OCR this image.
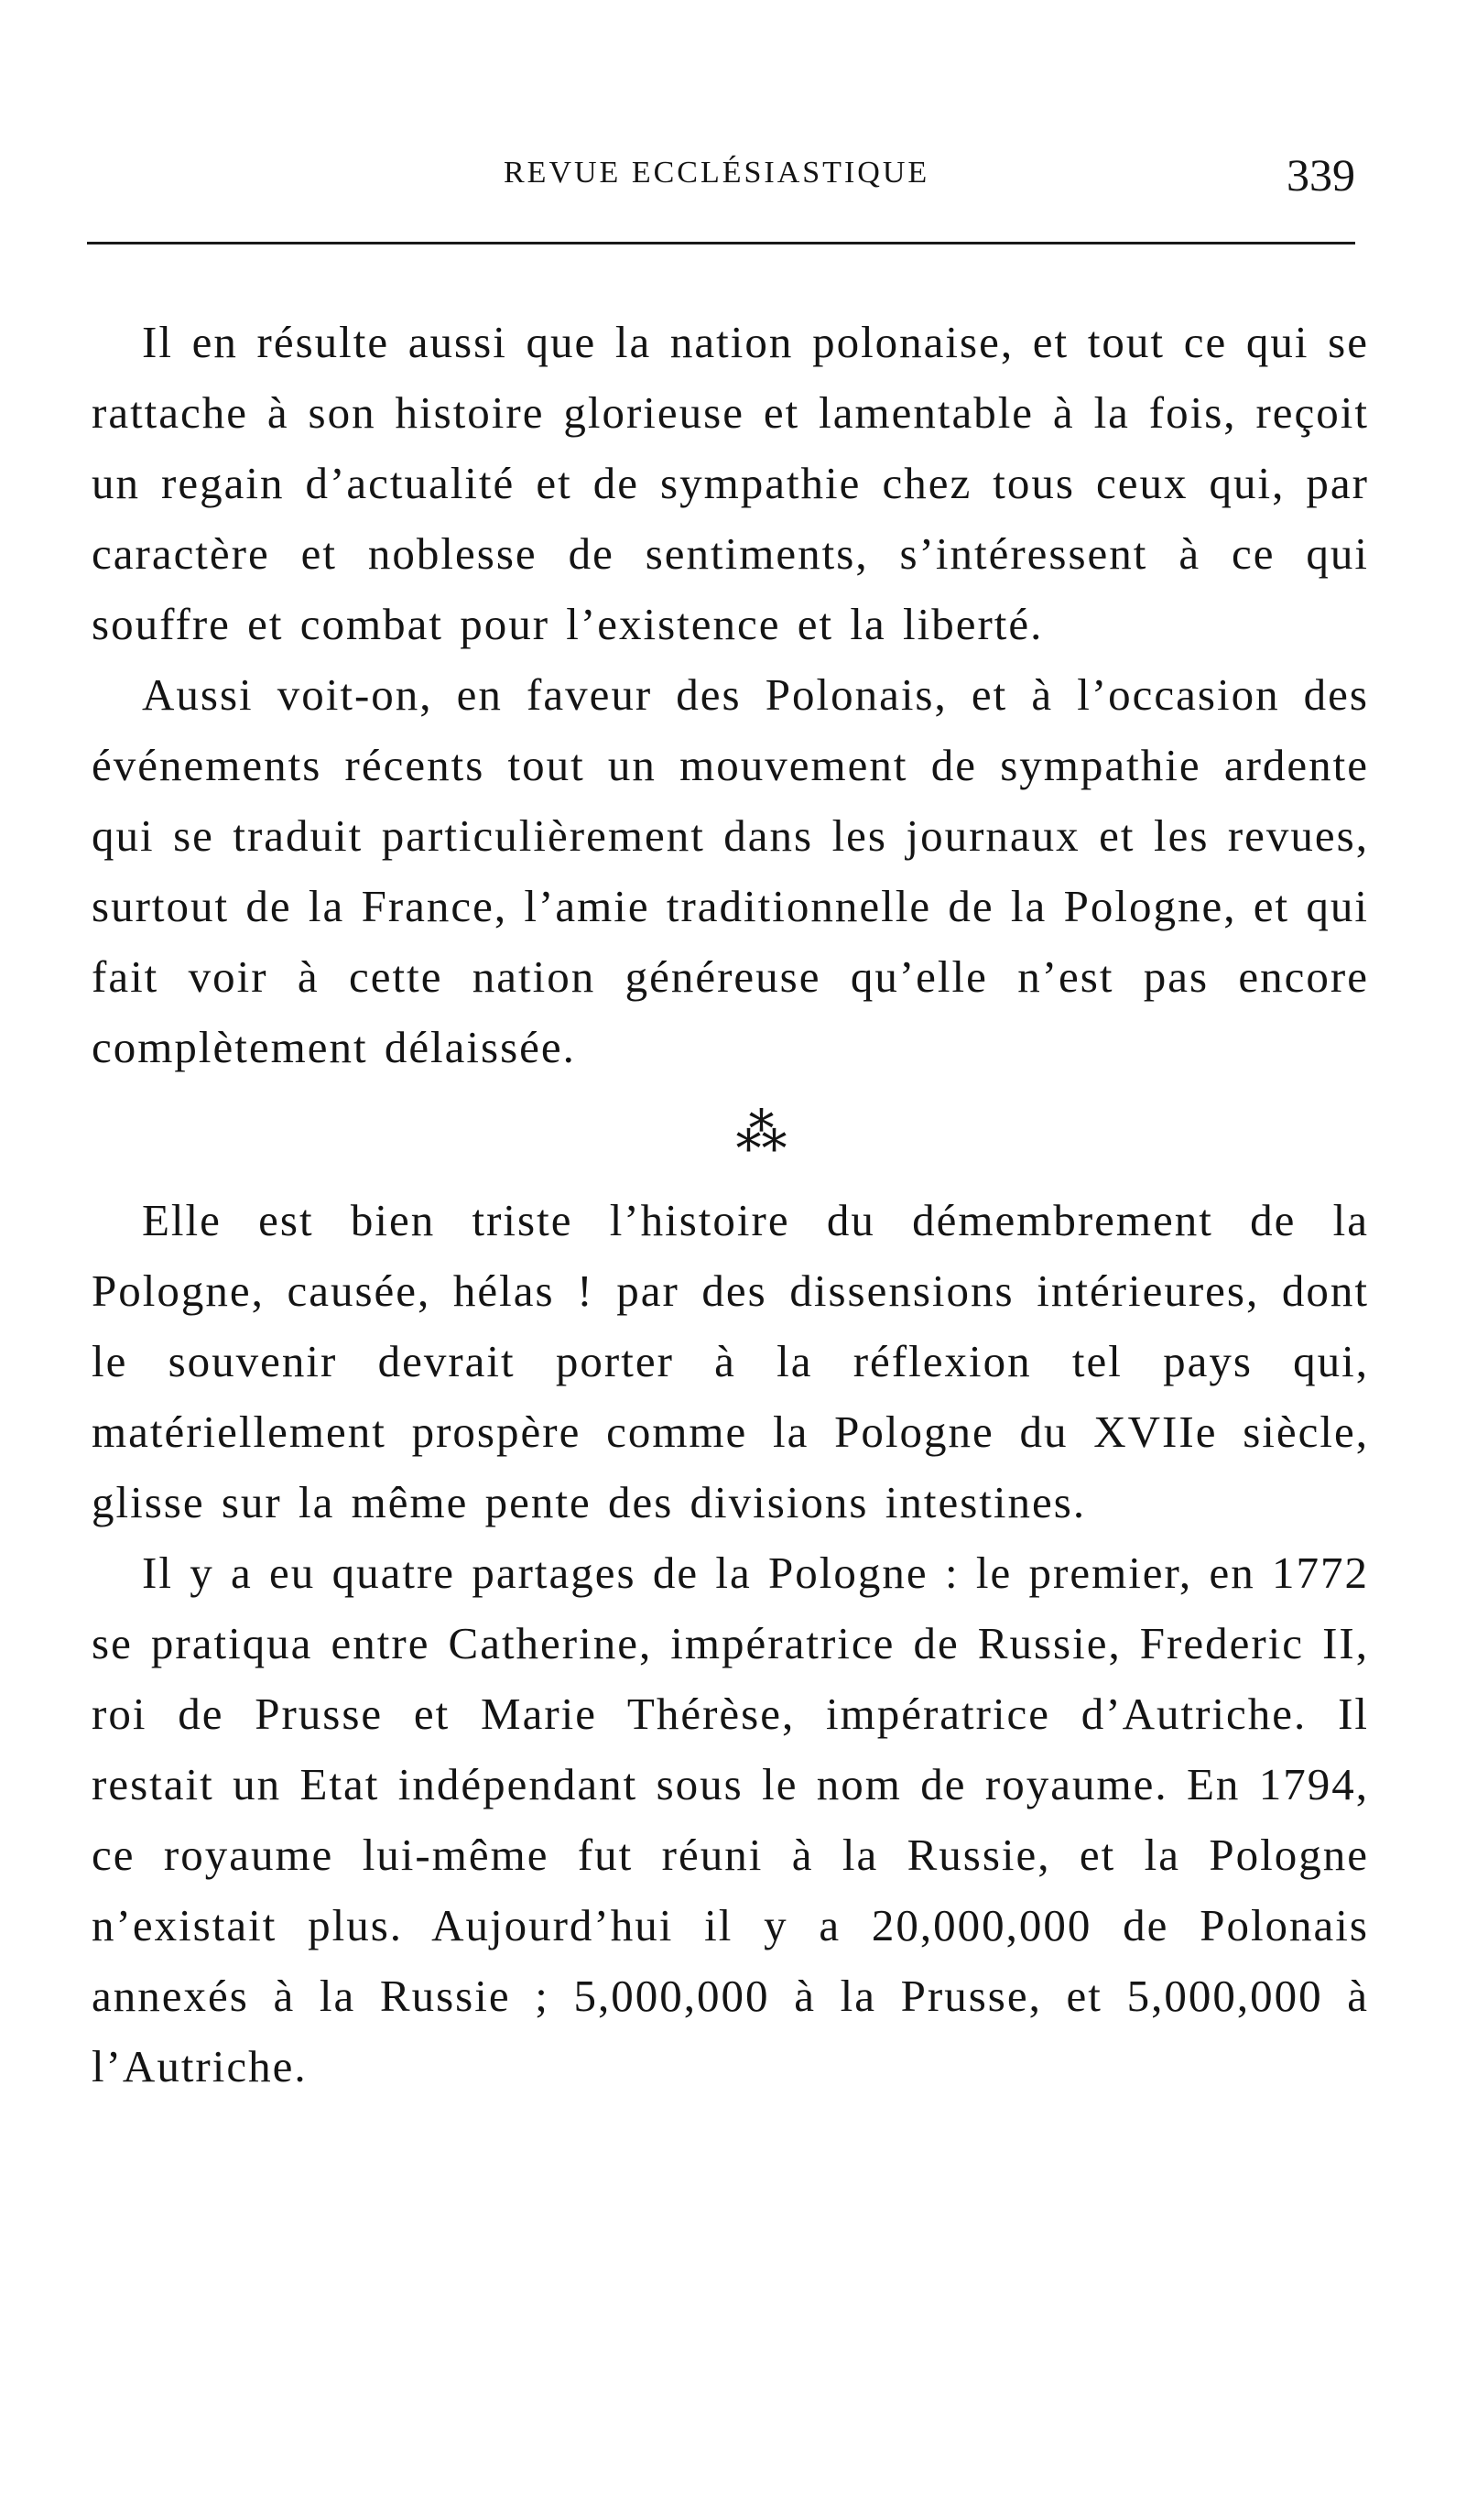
REVUE ECCLÉSIASTIQUE	339

Il en résulte aussi que la nation polonaise, et tout ce qui se rattache à son histoire glorieuse et lamentable à la fois, reçoit un regain d’actualité et de sympathie chez tous ceux qui, par caractère et noblesse de sentiments, s’intéressent à ce qui souffre et combat pour l’existence et la liberté.

Aussi voit-on, en faveur des Polonais, et à l’occasion des événements récents tout un mouvement de sympathie ardente qui se traduit particulièrement dans les journaux et les revues, surtout de la France, l’amie traditionnelle de la Pologne, et qui fait voir à cette nation généreuse qu’elle n’est pas encore complètement délaissée.

⁂

Elle est bien triste l’histoire du démembrement de la Pologne, causée, hélas ! par des dissensions intérieures, dont le souvenir devrait porter à la réflexion tel pays qui, matériellement prospère comme la Pologne du XVIIe siècle, glisse sur la même pente des divisions intestines.

Il y a eu quatre partages de la Pologne : le premier, en 1772 se pratiqua entre Catherine, impératrice de Russie, Frederic II, roi de Prusse et Marie Thérèse, impératrice d’Autriche. Il restait un Etat indépendant sous le nom de royaume. En 1794, ce royaume lui-même fut réuni à la Russie, et la Pologne n’existait plus. Aujourd’hui il y a 20,000,000 de Polonais annexés à la Russie ; 5,000,000 à la Prusse, et 5,000,000 à l’Autriche.
